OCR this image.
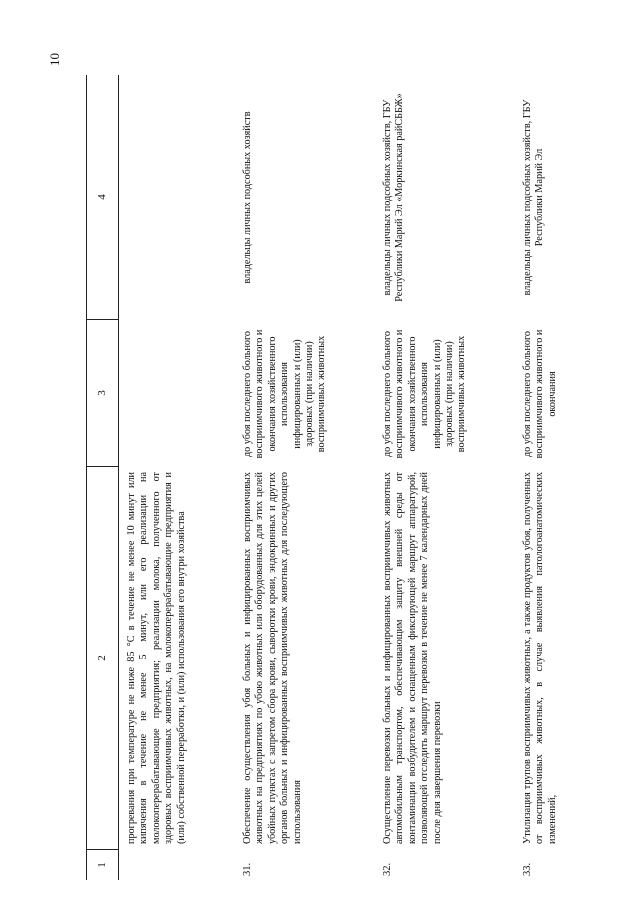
10
1
2
3
4
прогревания при температуре не ниже 85 °С в течение не менее 10 минут или кипячения в течение не менее 5 минут, или его реализации на молокоперерабатывающие предприятия; реализации молока, полученного от здоровых восприимчивых животных, на молокоперерабатывающие предприятия и (или) собственной переработки, и (или) использования его внутри хозяйства
31.
Обеспечение осуществления убоя больных и инфицированных восприимчивых животных на предприятиях по убою животных или оборудованных для этих целей убойных пунктах с запретом сбора крови, сыворотки крови, эндокринных и других органов больных и инфицированных восприимчивых животных для последующего использования
до убоя последнего больного восприимчивого животного и окончания хозяйственного использования инфицированных и (или) здоровых (при наличии) восприимчивых животных
владельцы личных подсобных хозяйств
32.
Осуществление перевозки больных и инфицированных восприимчивых животных автомобильным транспортом, обеспечивающим защиту внешней среды от контаминации возбудителем и оснащенным фиксирующей маршрут аппаратурой, позволяющей отследить маршрут перевозки в течение не менее 7 календарных дней после дня завершения перевозки
до убоя последнего больного восприимчивого животного и окончания хозяйственного использования инфицированных и (или) здоровых (при наличии) восприимчивых животных
владельцы личных подсобных хозяйств, ГБУ Республики Марий Эл «Моркинская райСББЖ»
33.
Утилизация трупов восприимчивых животных, а также продуктов убоя, полученных от восприимчивых животных, в случае выявления патологоанатомических изменений,
до убоя последнего больного восприимчивого животного и окончания
владельцы личных подсобных хозяйств, ГБУ Республики Марий Эл
